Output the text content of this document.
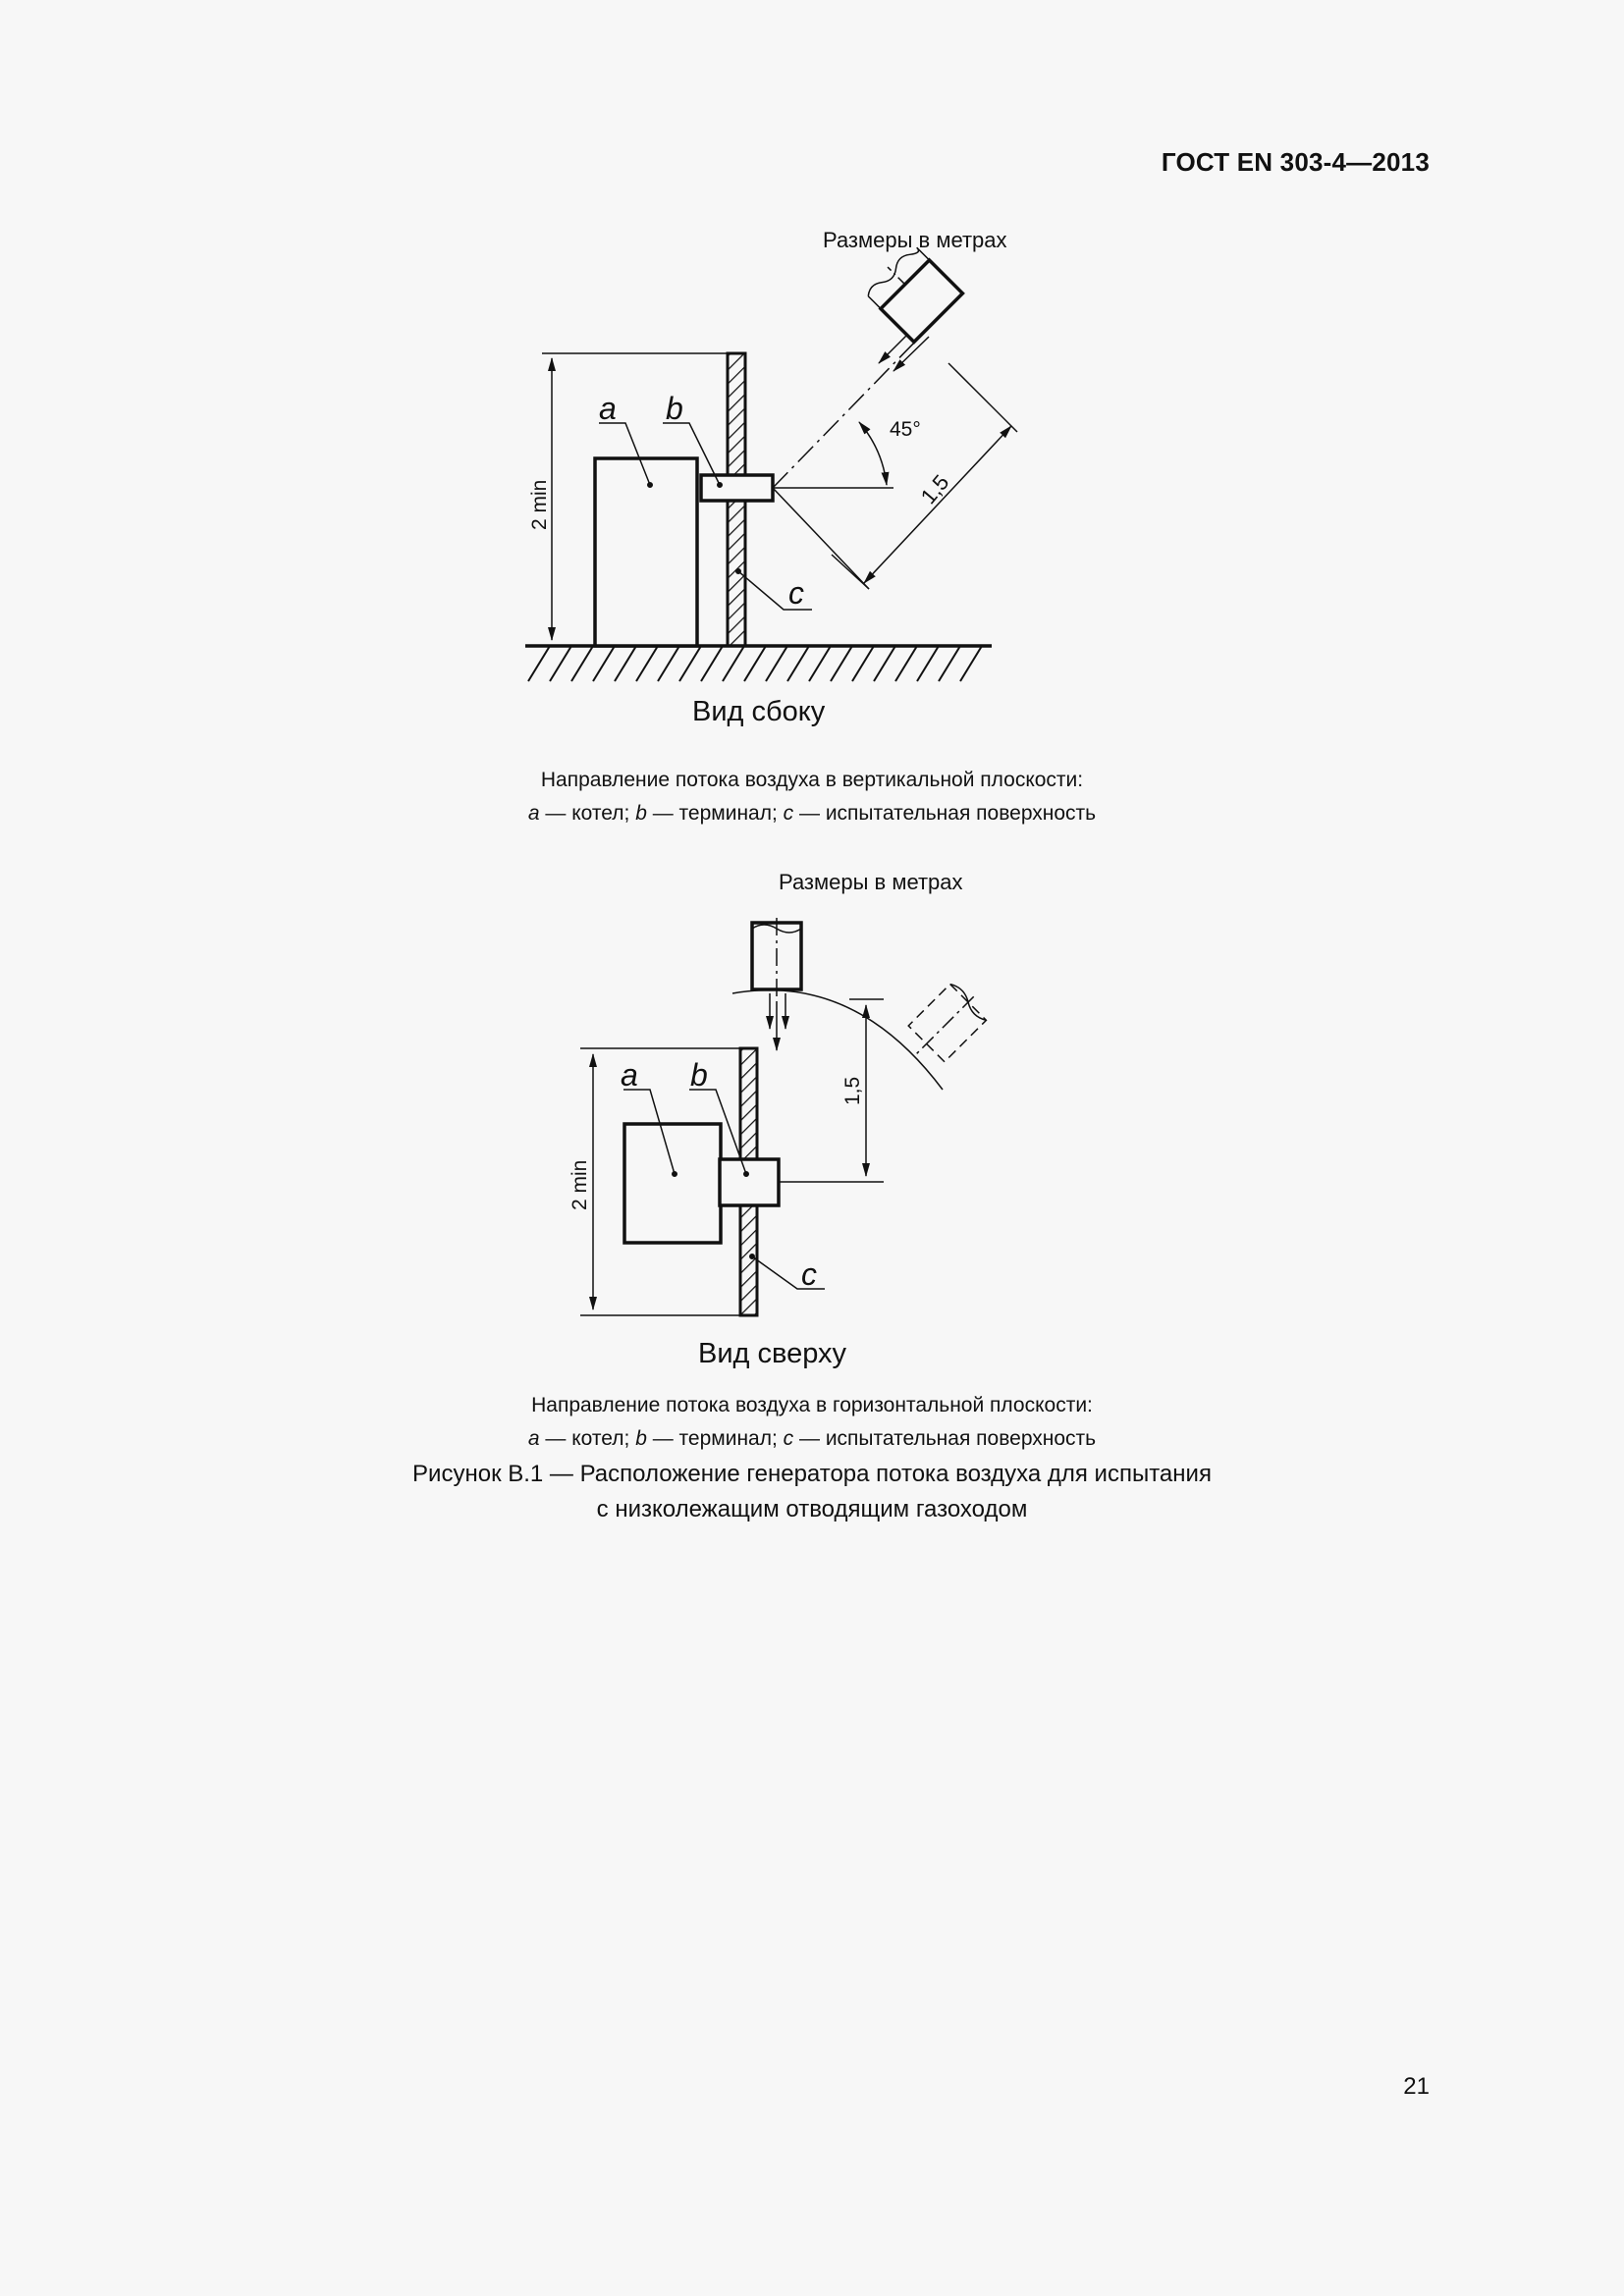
ГОСТ EN 303-4—2013
a b
c
2 min
45°
1,5
a b
c
2 min
1,5
Размеры в метрах
Вид сбоку
Направление потока воздуха в вертикальной плоскости:
a — котел; b — терминал; c — испытательная поверхность
Размеры в метрах
Вид сверху
Направление потока воздуха в горизонтальной плоскости:
a — котел; b — терминал; c — испытательная поверхность
Рисунок В.1 — Расположение генератора потока воздуха для испытания
с низколежащим отводящим газоходом
21
